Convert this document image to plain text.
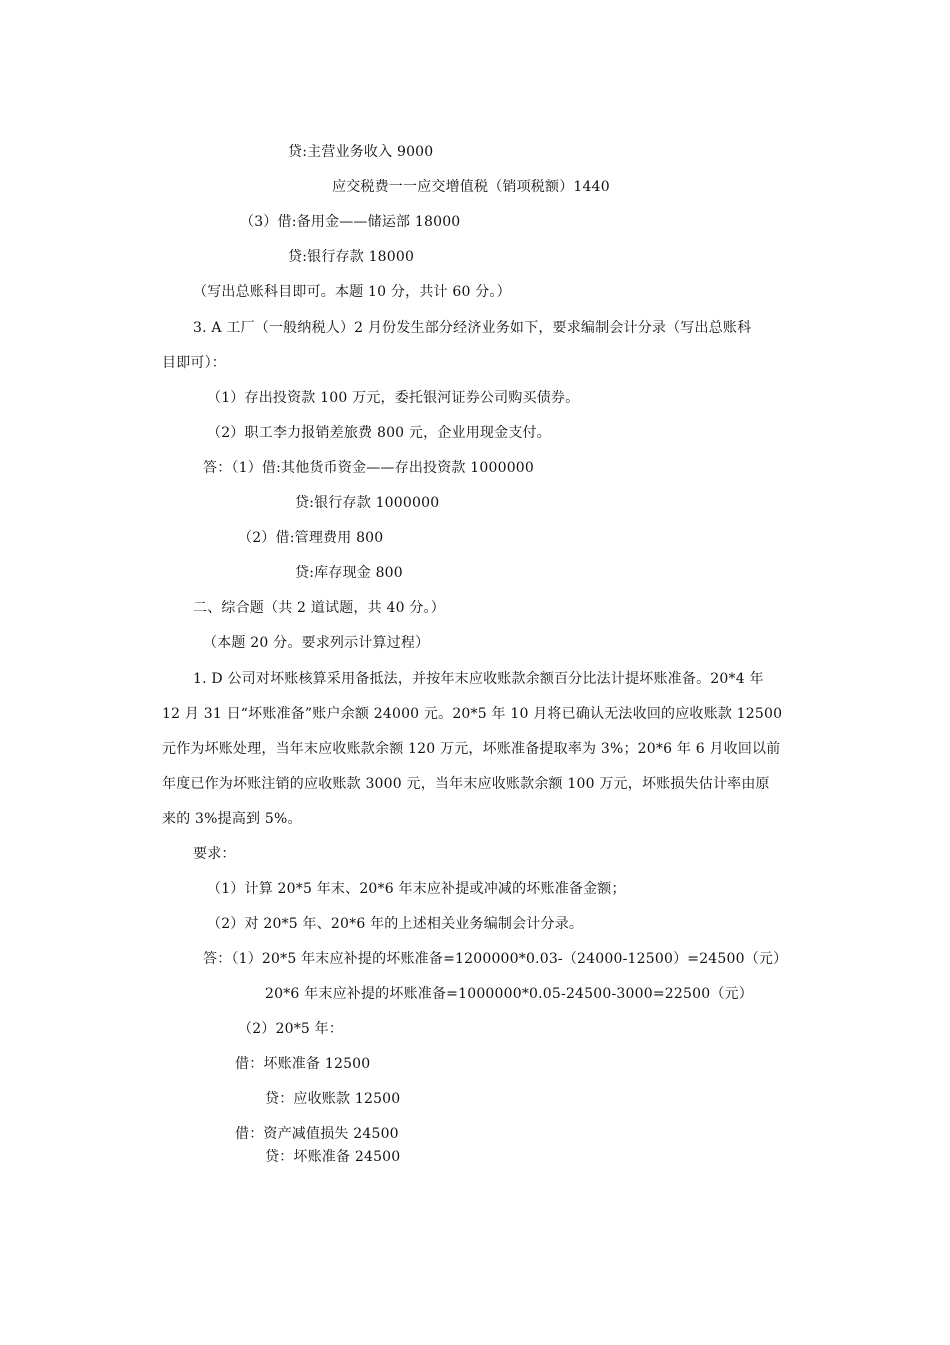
贷:主营业务收入 9000
应交税费一一应交增值税（销项税额）1440
（3）借:备用金——储运部 18000
贷:银行存款 18000
（写出总账科目即可。本题 10 分，共计 60 分。）
3. A 工厂（一般纳税人）2 月份发生部分经济业务如下，要求编制会计分录（写出总账科
目即可）：
（1）存出投资款 100 万元，委托银河证券公司购买债券。
（2）职工李力报销差旅费 800 元，企业用现金支付。
答：（1）借:其他货币资金——存出投资款 1000000
贷:银行存款 1000000
（2）借:管理费用 800
贷:库存现金 800
二、综合题（共 2 道试题，共 40 分。）
（本题 20 分。要求列示计算过程）
1. D 公司对坏账核算采用备抵法，并按年末应收账款余额百分比法计提坏账准备。20*4 年
12 月 31 日“坏账准备”账户余额 24000 元。20*5 年 10 月将已确认无法收回的应收账款 12500
元作为坏账处理，当年末应收账款余额 120 万元，坏账准备提取率为 3%；20*6 年 6 月收回以前
年度已作为坏账注销的应收账款 3000 元，当年末应收账款余额 100 万元，坏账损失估计率由原
来的 3%提高到 5%。
要求：
（1）计算 20*5 年末、20*6 年末应补提或冲减的坏账准备金额；
（2）对 20*5 年、20*6 年的上述相关业务编制会计分录。
答：（1）20*5 年末应补提的坏账准备=1200000*0.03-（24000-12500）=24500（元）
20*6 年末应补提的坏账准备=1000000*0.05-24500-3000=22500（元）
（2）20*5 年：
借：坏账准备 12500
贷：应收账款 12500
借：资产减值损失 24500
贷：坏账准备 24500
